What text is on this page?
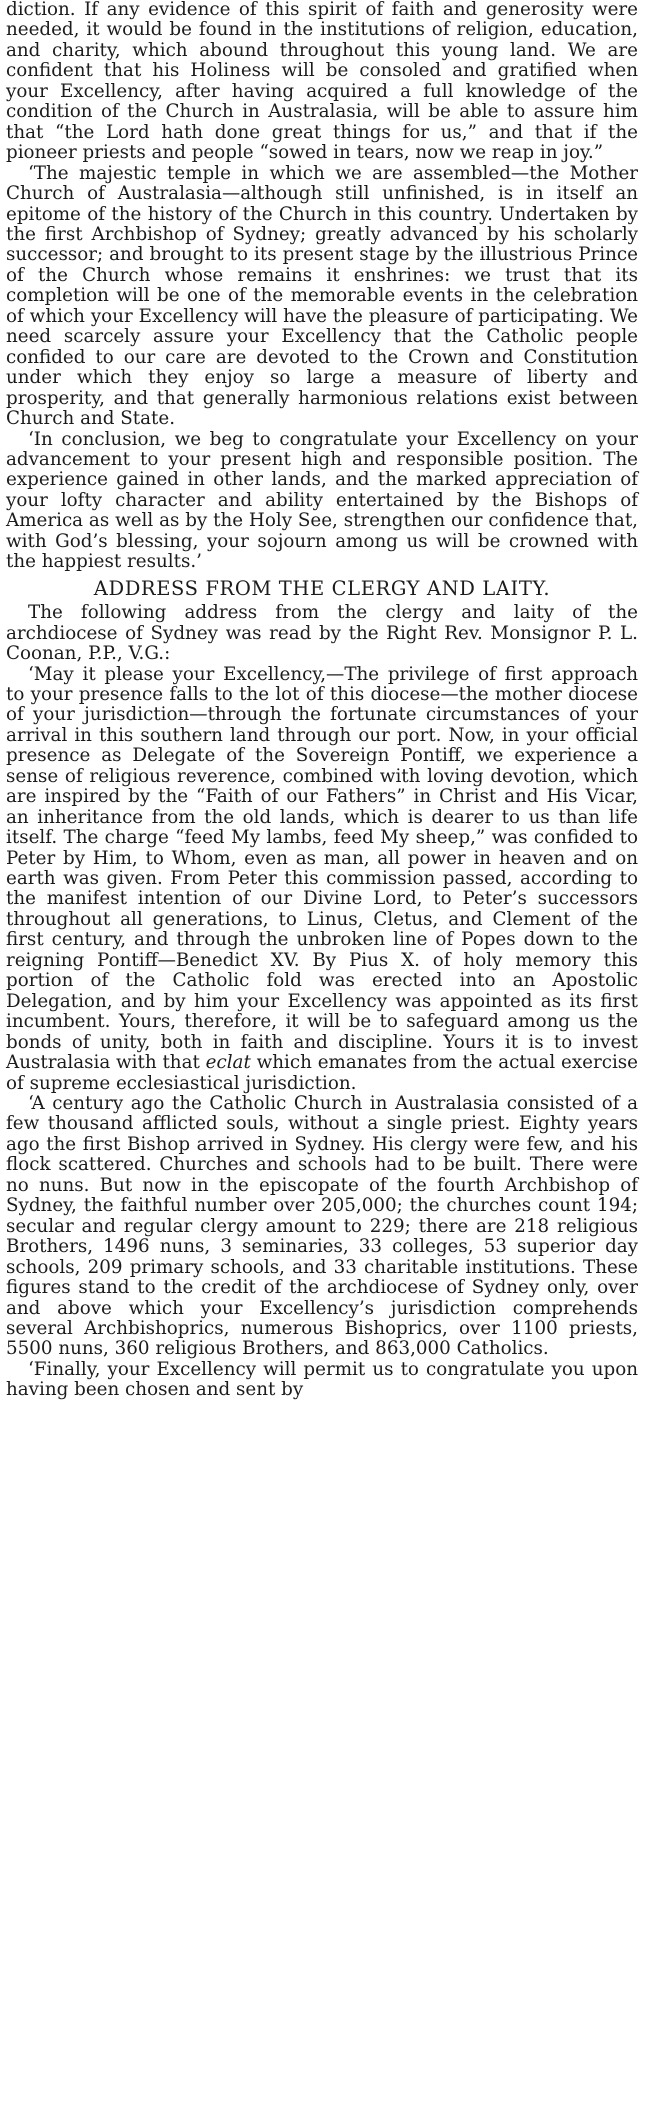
diction. If any evidence of this spirit of faith and generosity were needed, it would be found in the institutions of religion, education, and charity, which abound throughout this young land. We are confident that his Holiness will be consoled and gratified when your Excellency, after having acquired a full knowledge of the condition of the Church in Australasia, will be able to assure him that “the Lord hath done great things for us,” and that if the pioneer priests and people “sowed in tears, now we reap in joy.”

‘The majestic temple in which we are assembled—the Mother Church of Australasia—although still unfinished, is in itself an epitome of the history of the Church in this country. Undertaken by the first Archbishop of Sydney; greatly advanced by his scholarly successor; and brought to its present stage by the illustrious Prince of the Church whose remains it enshrines: we trust that its completion will be one of the memorable events in the celebration of which your Excellency will have the pleasure of participating. We need scarcely assure your Excellency that the Catholic people confided to our care are devoted to the Crown and Constitution under which they enjoy so large a measure of liberty and prosperity, and that generally harmonious relations exist between Church and State.

‘In conclusion, we beg to congratulate your Excellency on your advancement to your present high and responsible position. The experience gained in other lands, and the marked appreciation of your lofty character and ability entertained by the Bishops of America as well as by the Holy See, strengthen our confidence that, with God’s blessing, your sojourn among us will be crowned with the happiest results.’

ADDRESS FROM THE CLERGY AND LAITY.

The following address from the clergy and laity of the archdiocese of Sydney was read by the Right Rev. Monsignor P. L. Coonan, P.P., V.G.:

‘May it please your Excellency,—The privilege of first approach to your presence falls to the lot of this diocese—the mother diocese of your jurisdiction—through the fortunate circumstances of your arrival in this southern land through our port. Now, in your official presence as Delegate of the Sovereign Pontiff, we experience a sense of religious reverence, combined with loving devotion, which are inspired by the “Faith of our Fathers” in Christ and His Vicar, an inheritance from the old lands, which is dearer to us than life itself. The charge “feed My lambs, feed My sheep,” was confided to Peter by Him, to Whom, even as man, all power in heaven and on earth was given. From Peter this commission passed, according to the manifest intention of our Divine Lord, to Peter’s successors throughout all generations, to Linus, Cletus, and Clement of the first century, and through the unbroken line of Popes down to the reigning Pontiff—Benedict XV. By Pius X. of holy memory this portion of the Catholic fold was erected into an Apostolic Delegation, and by him your Excellency was appointed as its first incumbent. Yours, therefore, it will be to safeguard among us the bonds of unity, both in faith and discipline. Yours it is to invest Australasia with that eclat which emanates from the actual exercise of supreme ecclesiastical jurisdiction.

‘A century ago the Catholic Church in Australasia consisted of a few thousand afflicted souls, without a single priest. Eighty years ago the first Bishop arrived in Sydney. His clergy were few, and his flock scattered. Churches and schools had to be built. There were no nuns. But now in the episcopate of the fourth Archbishop of Sydney, the faithful number over 205,000; the churches count 194; secular and regular clergy amount to 229; there are 218 religious Brothers, 1496 nuns, 3 seminaries, 33 colleges, 53 superior day schools, 209 primary schools, and 33 charitable institutions. These figures stand to the credit of the archdiocese of Sydney only, over and above which your Excellency’s jurisdiction comprehends several Archbishoprics, numerous Bishoprics, over 1100 priests, 5500 nuns, 360 religious Brothers, and 863,000 Catholics.

‘Finally, your Excellency will permit us to congratulate you upon having been chosen and sent by
